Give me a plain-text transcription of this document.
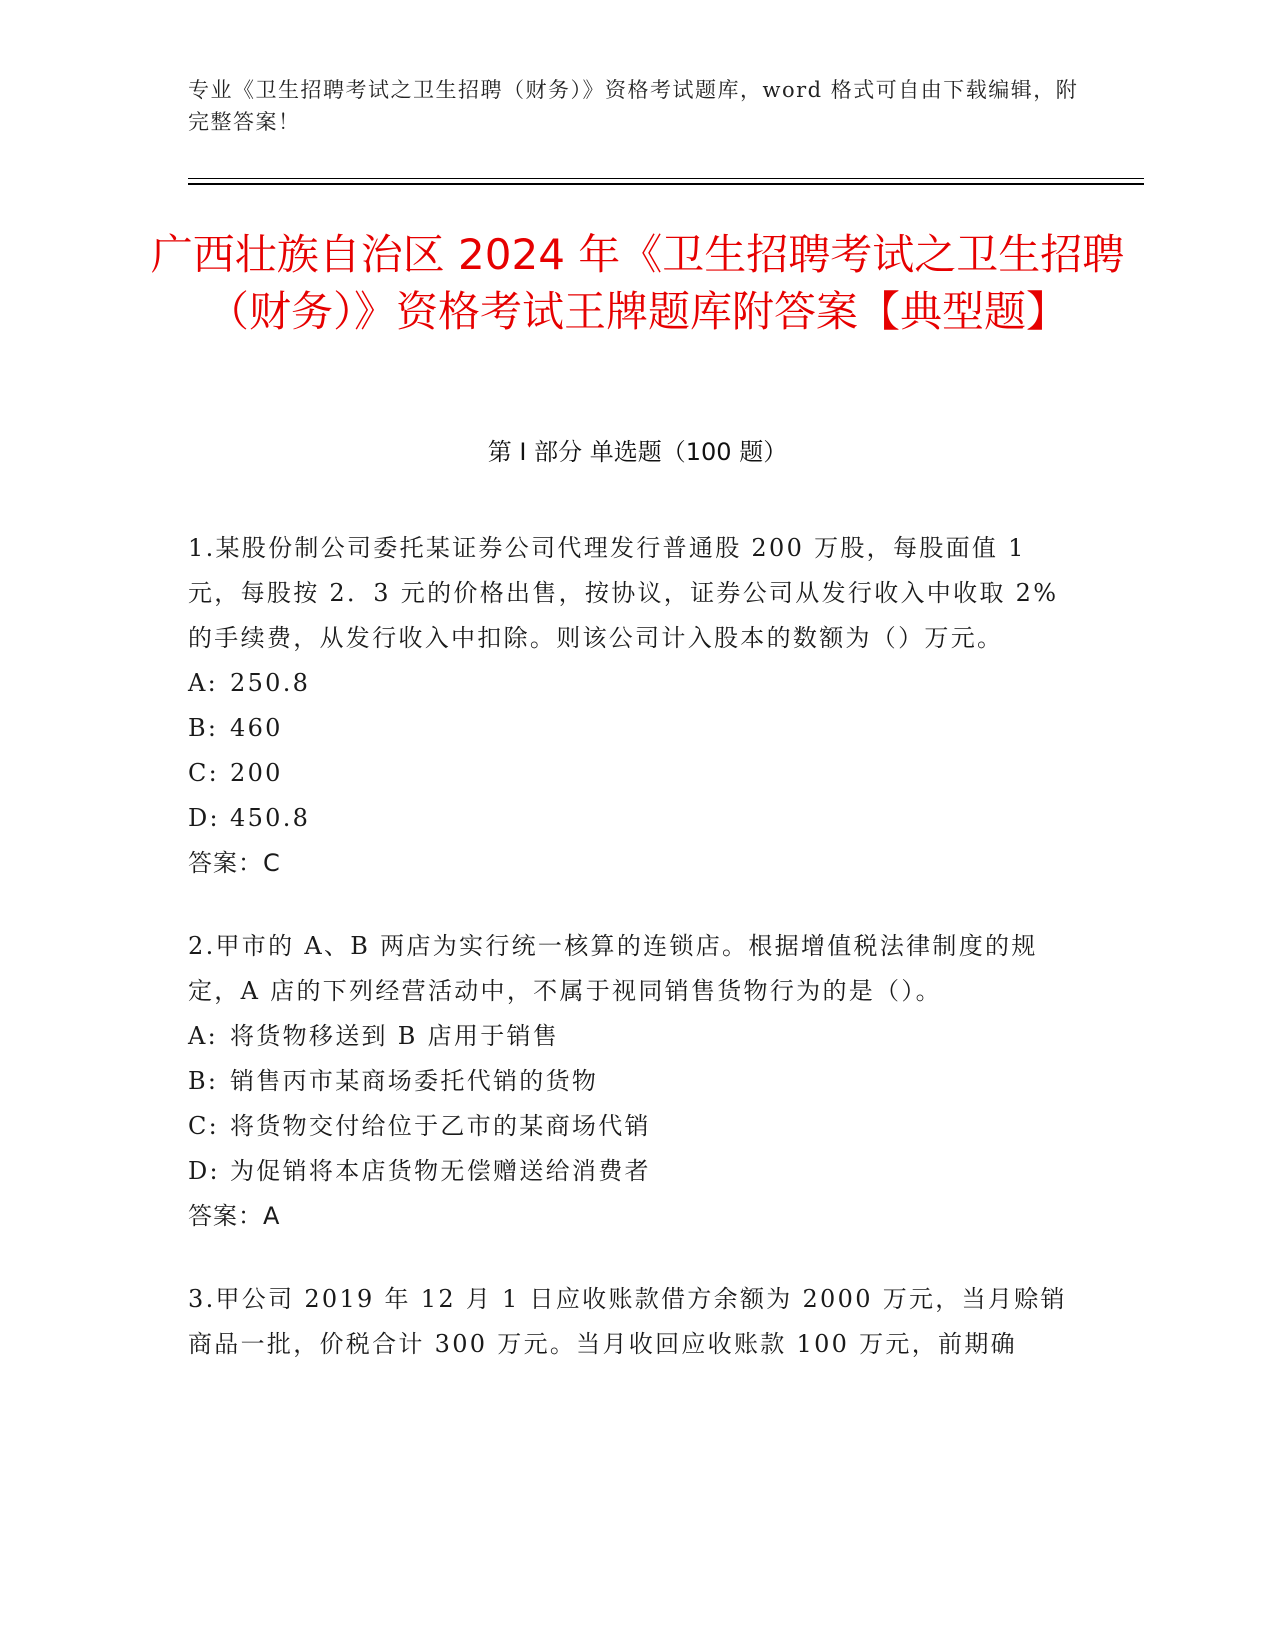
专业《卫生招聘考试之卫生招聘（财务）》资格考试题库，word 格式可自由下载编辑，附完整答案！
广西壮族自治区 2024 年《卫生招聘考试之卫生招聘（财务）》资格考试王牌题库附答案【典型题】
第 I 部分 单选题（100 题）

1.某股份制公司委托某证券公司代理发行普通股 200 万股，每股面值 1 元，每股按 2．3 元的价格出售，按协议，证券公司从发行收入中收取 2%的手续费，从发行收入中扣除。则该公司计入股本的数额为（）万元。

A: 250.8
B: 460
C: 200
D: 450.8

答案：C

2.甲市的 A、B 两店为实行统一核算的连锁店。根据增值税法律制度的规定，A 店的下列经营活动中，不属于视同销售货物行为的是（）。

A: 将货物移送到 B 店用于销售
B: 销售丙市某商场委托代销的货物
C: 将货物交付给位于乙市的某商场代销
D: 为促销将本店货物无偿赠送给消费者

答案：A

3.甲公司 2019 年 12 月 1 日应收账款借方余额为 2000 万元，当月赊销商品一批，价税合计 300 万元。当月收回应收账款 100 万元，前期确
